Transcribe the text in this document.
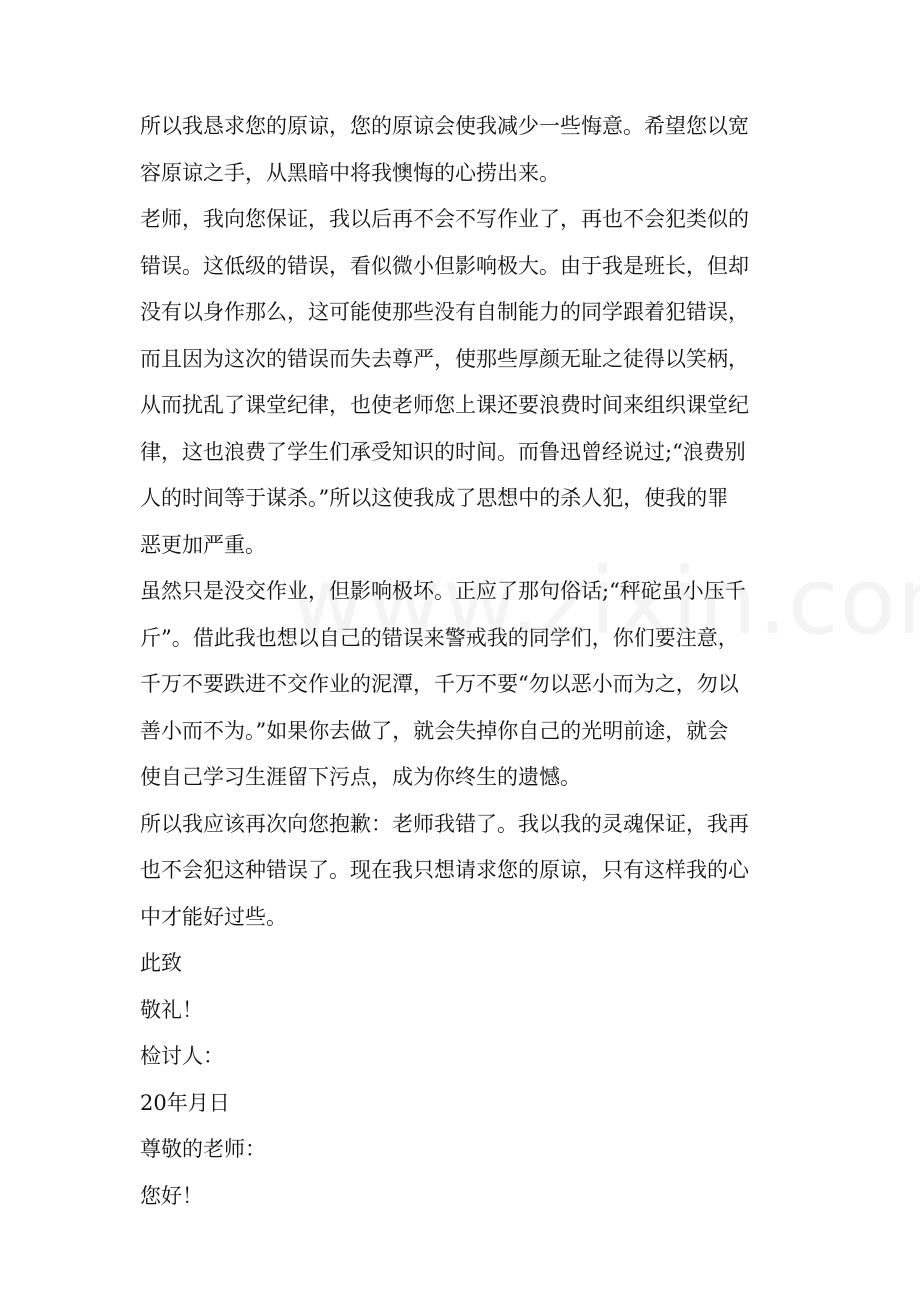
所以我恳求您的原谅，您的原谅会使我减少一些悔意。希望您以宽
容原谅之手，从黑暗中将我懊悔的心捞出来。
老师，我向您保证，我以后再不会不写作业了，再也不会犯类似的
错误。这低级的错误，看似微小但影响极大。由于我是班长，但却
没有以身作那么，这可能使那些没有自制能力的同学跟着犯错误，
而且因为这次的错误而失去尊严，使那些厚颜无耻之徒得以笑柄，
从而扰乱了课堂纪律，也使老师您上课还要浪费时间来组织课堂纪
律，这也浪费了学生们承受知识的时间。而鲁迅曾经说过;“浪费别
人的时间等于谋杀。”所以这使我成了思想中的杀人犯，使我的罪
恶更加严重。
虽然只是没交作业，但影响极坏。正应了那句俗话;“秤砣虽小压千
斤”。借此我也想以自己的错误来警戒我的同学们，你们要注意，
千万不要跌进不交作业的泥潭，千万不要“勿以恶小而为之，勿以
善小而不为。”如果你去做了，就会失掉你自己的光明前途，就会
使自己学习生涯留下污点，成为你终生的遗憾。
所以我应该再次向您抱歉：老师我错了。我以我的灵魂保证，我再
也不会犯这种错误了。现在我只想请求您的原谅，只有这样我的心
中才能好过些。
此致
敬礼！
检讨人：
20年月日
尊敬的老师：
您好！
